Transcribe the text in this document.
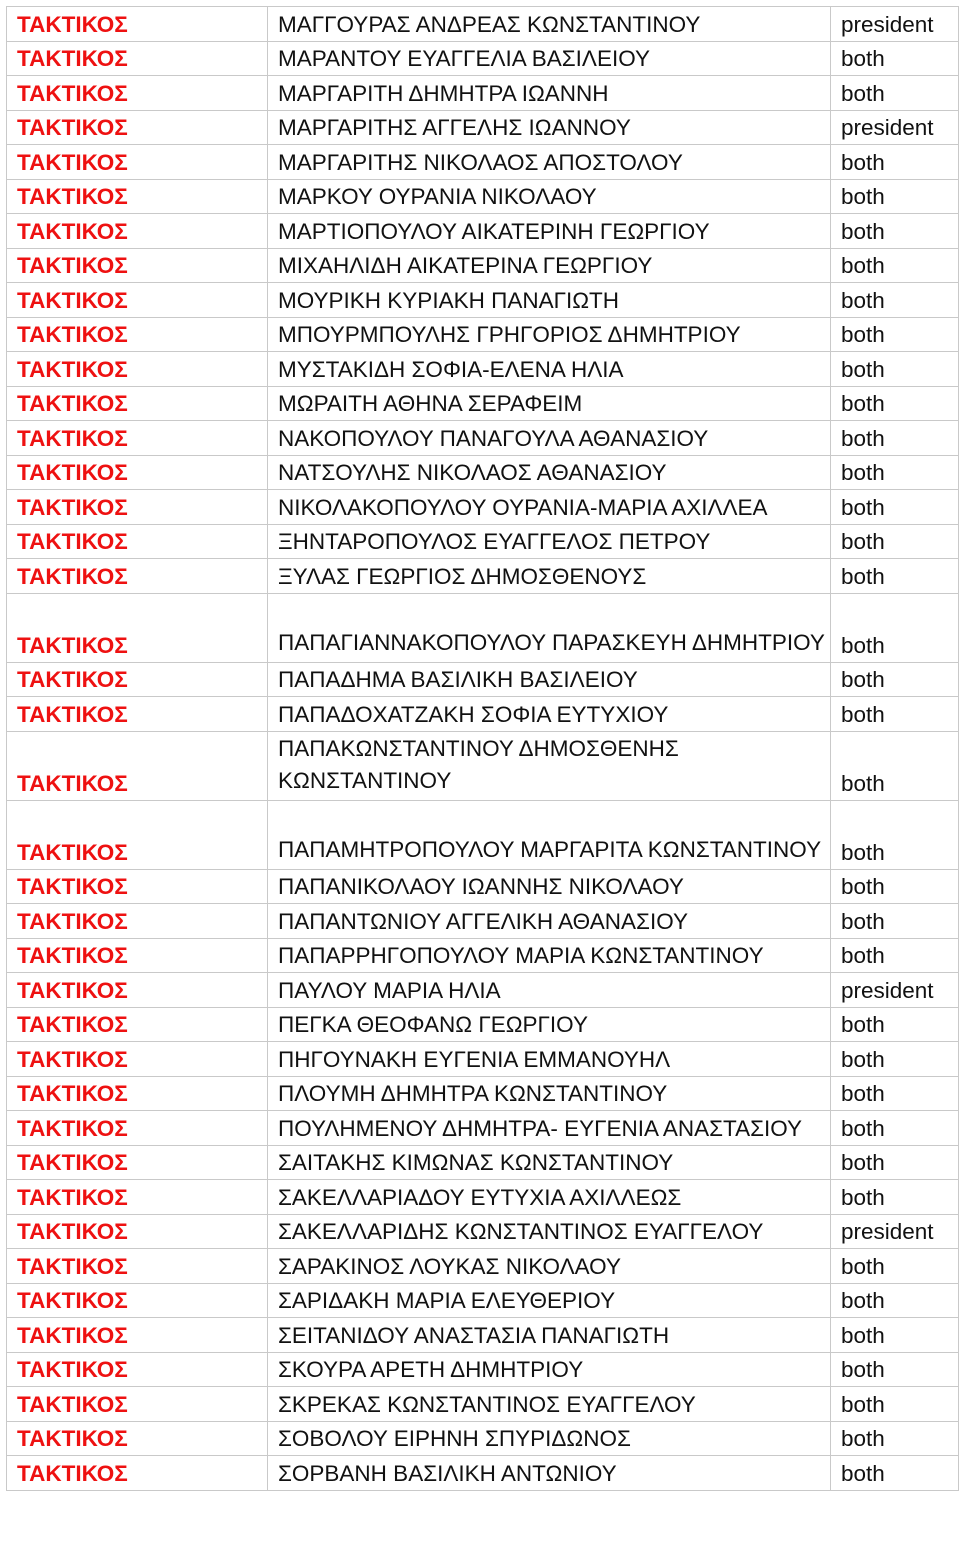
ΤΑΚΤΙΚΟΣ	ΜΑΓΓΟΥΡΑΣ ΑΝΔΡΕΑΣ ΚΩΝΣΤΑΝΤΙΝΟΥ	president
ΤΑΚΤΙΚΟΣ	ΜΑΡΑΝΤΟΥ ΕΥΑΓΓΕΛΙΑ ΒΑΣΙΛΕΙΟΥ	both
ΤΑΚΤΙΚΟΣ	ΜΑΡΓΑΡΙΤΗ ΔΗΜΗΤΡΑ ΙΩΑΝΝΗ	both
ΤΑΚΤΙΚΟΣ	ΜΑΡΓΑΡΙΤΗΣ ΑΓΓΕΛΗΣ ΙΩΑΝΝΟΥ	president
ΤΑΚΤΙΚΟΣ	ΜΑΡΓΑΡΙΤΗΣ ΝΙΚΟΛΑΟΣ ΑΠΟΣΤΟΛΟΥ	both
ΤΑΚΤΙΚΟΣ	ΜΑΡΚΟΥ ΟΥΡΑΝΙΑ ΝΙΚΟΛΑΟΥ	both
ΤΑΚΤΙΚΟΣ	ΜΑΡΤΙΟΠΟΥΛΟΥ ΑΙΚΑΤΕΡΙΝΗ ΓΕΩΡΓΙΟΥ	both
ΤΑΚΤΙΚΟΣ	ΜΙΧΑΗΛΙΔΗ ΑΙΚΑΤΕΡΙΝΑ ΓΕΩΡΓΙΟΥ	both
ΤΑΚΤΙΚΟΣ	ΜΟΥΡΙΚΗ ΚΥΡΙΑΚΗ ΠΑΝΑΓΙΩΤΗ	both
ΤΑΚΤΙΚΟΣ	ΜΠΟΥΡΜΠΟΥΛΗΣ ΓΡΗΓΟΡΙΟΣ ΔΗΜΗΤΡΙΟΥ	both
ΤΑΚΤΙΚΟΣ	ΜΥΣΤΑΚΙΔΗ ΣΟΦΙΑ-ΕΛΕΝΑ ΗΛΙΑ	both
ΤΑΚΤΙΚΟΣ	ΜΩΡΑΙΤΗ ΑΘΗΝΑ ΣΕΡΑΦΕΙΜ	both
ΤΑΚΤΙΚΟΣ	ΝΑΚΟΠΟΥΛΟΥ ΠΑΝΑΓΟΥΛΑ ΑΘΑΝΑΣΙΟΥ	both
ΤΑΚΤΙΚΟΣ	ΝΑΤΣΟΥΛΗΣ ΝΙΚΟΛΑΟΣ ΑΘΑΝΑΣΙΟΥ	both
ΤΑΚΤΙΚΟΣ	ΝΙΚΟΛΑΚΟΠΟΥΛΟΥ ΟΥΡΑΝΙΑ-ΜΑΡΙΑ ΑΧΙΛΛΕΑ	both
ΤΑΚΤΙΚΟΣ	ΞΗΝΤΑΡΟΠΟΥΛΟΣ ΕΥΑΓΓΕΛΟΣ ΠΕΤΡΟΥ	both
ΤΑΚΤΙΚΟΣ	ΞΥΛΑΣ ΓΕΩΡΓΙΟΣ ΔΗΜΟΣΘΕΝΟΥΣ	both
ΤΑΚΤΙΚΟΣ	ΠΑΠΑΓΙΑΝΝΑΚΟΠΟΥΛΟΥ ΠΑΡΑΣΚΕΥΗ ΔΗΜΗΤΡΙΟΥ	both
ΤΑΚΤΙΚΟΣ	ΠΑΠΑΔΗΜΑ ΒΑΣΙΛΙΚΗ ΒΑΣΙΛΕΙΟΥ	both
ΤΑΚΤΙΚΟΣ	ΠΑΠΑΔΟΧΑΤΖΑΚΗ ΣΟΦΙΑ ΕΥΤΥΧΙΟΥ	both
ΤΑΚΤΙΚΟΣ	ΠΑΠΑΚΩΝΣΤΑΝΤΙΝΟΥ ΔΗΜΟΣΘΕΝΗΣ ΚΩΝΣΤΑΝΤΙΝΟΥ	both
ΤΑΚΤΙΚΟΣ	ΠΑΠΑΜΗΤΡΟΠΟΥΛΟΥ ΜΑΡΓΑΡΙΤΑ ΚΩΝΣΤΑΝΤΙΝΟΥ	both
ΤΑΚΤΙΚΟΣ	ΠΑΠΑΝΙΚΟΛΑΟΥ ΙΩΑΝΝΗΣ ΝΙΚΟΛΑΟΥ	both
ΤΑΚΤΙΚΟΣ	ΠΑΠΑΝΤΩΝΙΟΥ ΑΓΓΕΛΙΚΗ ΑΘΑΝΑΣΙΟΥ	both
ΤΑΚΤΙΚΟΣ	ΠΑΠΑΡΡΗΓΟΠΟΥΛΟΥ ΜΑΡΙΑ ΚΩΝΣΤΑΝΤΙΝΟΥ	both
ΤΑΚΤΙΚΟΣ	ΠΑΥΛΟΥ ΜΑΡΙΑ ΗΛΙΑ	president
ΤΑΚΤΙΚΟΣ	ΠΕΓΚΑ ΘΕΟΦΑΝΩ ΓΕΩΡΓΙΟΥ	both
ΤΑΚΤΙΚΟΣ	ΠΗΓΟΥΝΑΚΗ ΕΥΓΕΝΙΑ ΕΜΜΑΝΟΥΗΛ	both
ΤΑΚΤΙΚΟΣ	ΠΛΟΥΜΗ ΔΗΜΗΤΡΑ ΚΩΝΣΤΑΝΤΙΝΟΥ	both
ΤΑΚΤΙΚΟΣ	ΠΟΥΛΗΜΕΝΟΥ ΔΗΜΗΤΡΑ- ΕΥΓΕΝΙΑ ΑΝΑΣΤΑΣΙΟΥ	both
ΤΑΚΤΙΚΟΣ	ΣΑΙΤΑΚΗΣ ΚΙΜΩΝΑΣ ΚΩΝΣΤΑΝΤΙΝΟΥ	both
ΤΑΚΤΙΚΟΣ	ΣΑΚΕΛΛΑΡΙΑΔΟΥ ΕΥΤΥΧΙΑ ΑΧΙΛΛΕΩΣ	both
ΤΑΚΤΙΚΟΣ	ΣΑΚΕΛΛΑΡΙΔΗΣ ΚΩΝΣΤΑΝΤΙΝΟΣ ΕΥΑΓΓΕΛΟΥ	president
ΤΑΚΤΙΚΟΣ	ΣΑΡΑΚΙΝΟΣ ΛΟΥΚΑΣ ΝΙΚΟΛΑΟΥ	both
ΤΑΚΤΙΚΟΣ	ΣΑΡΙΔΑΚΗ ΜΑΡΙΑ ΕΛΕΥΘΕΡΙΟΥ	both
ΤΑΚΤΙΚΟΣ	ΣΕΙΤΑΝΙΔΟΥ ΑΝΑΣΤΑΣΙΑ ΠΑΝΑΓΙΩΤΗ	both
ΤΑΚΤΙΚΟΣ	ΣΚΟΥΡΑ ΑΡΕΤΗ ΔΗΜΗΤΡΙΟΥ	both
ΤΑΚΤΙΚΟΣ	ΣΚΡΕΚΑΣ ΚΩΝΣΤΑΝΤΙΝΟΣ ΕΥΑΓΓΕΛΟΥ	both
ΤΑΚΤΙΚΟΣ	ΣΟΒΟΛΟΥ ΕΙΡΗΝΗ ΣΠΥΡΙΔΩΝΟΣ	both
ΤΑΚΤΙΚΟΣ	ΣΟΡΒΑΝΗ ΒΑΣΙΛΙΚΗ ΑΝΤΩΝΙΟΥ	both
